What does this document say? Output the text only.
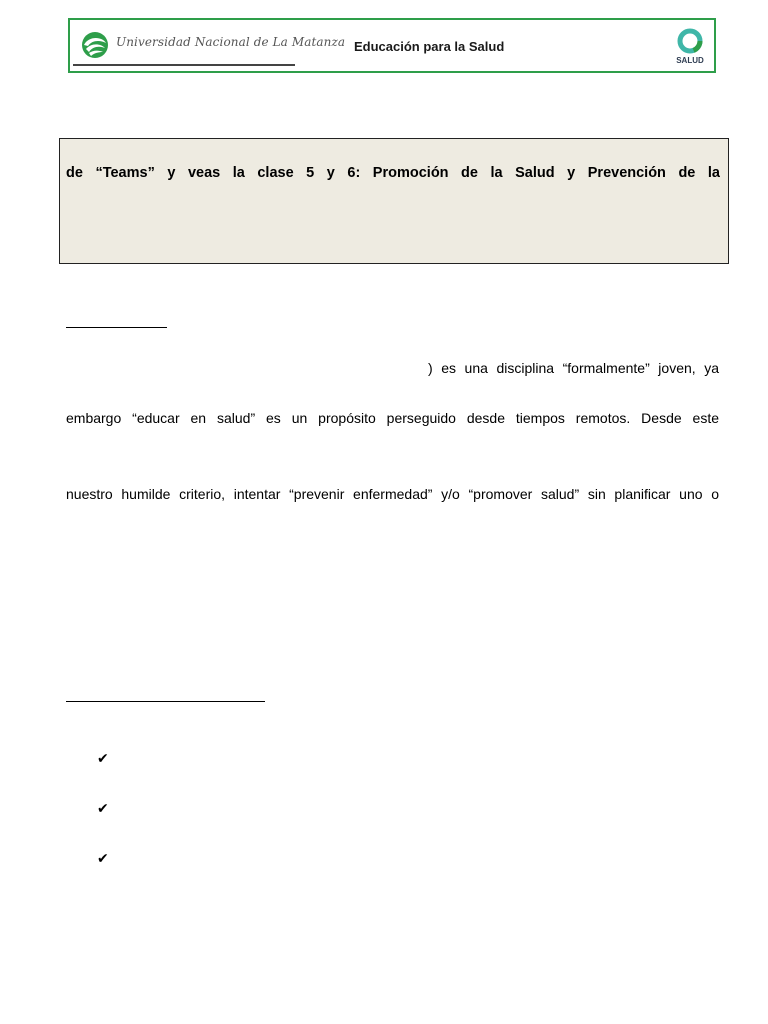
Universidad Nacional de La Matanza Educación para la Salud
SALUD
de “Teams” y veas la clase 5 y 6: Promoción de la Salud y Prevención de la
) es una disciplina “formalmente” joven, ya
embargo “educar en salud” es un propósito perseguido desde tiempos remotos. Desde este
nuestro humilde criterio, intentar “prevenir enfermedad” y/o “promover salud” sin planificar uno o
✔
✔
✔
